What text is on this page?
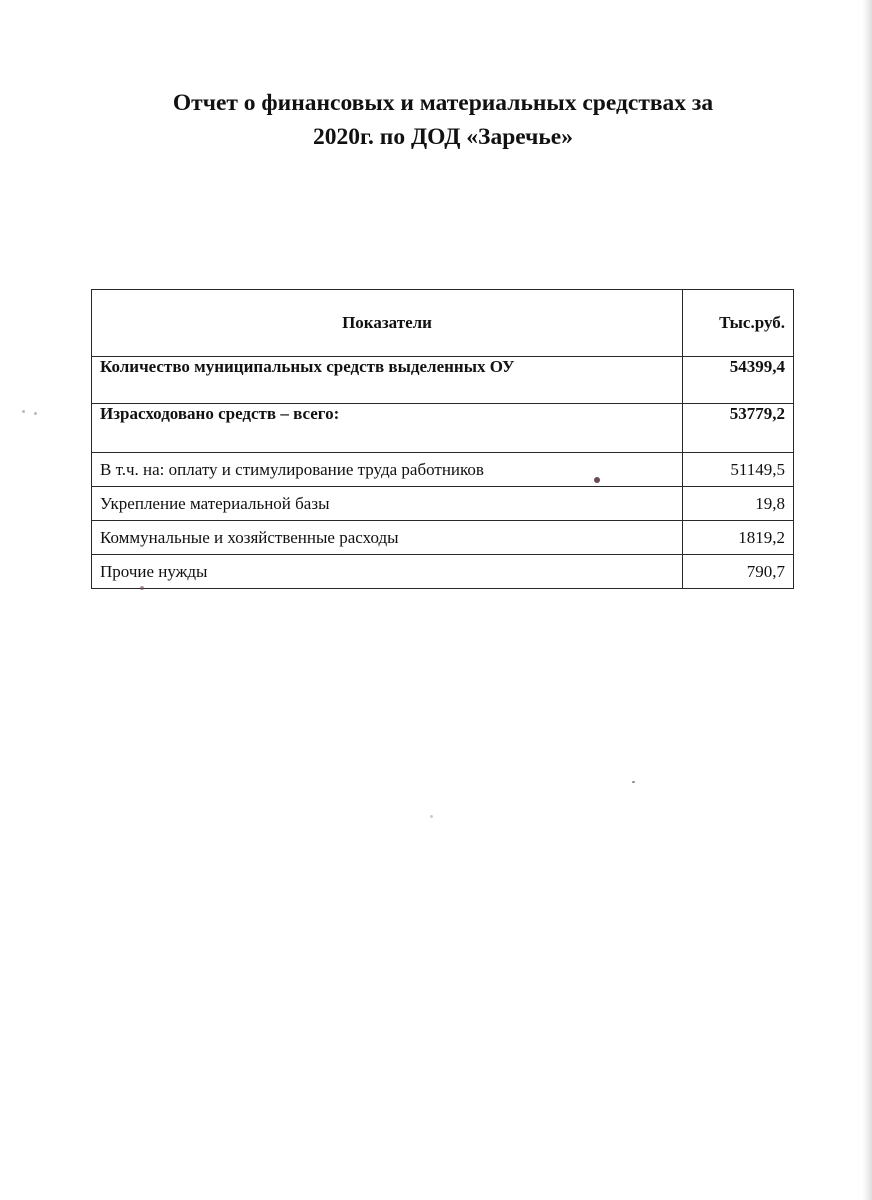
Отчет о финансовых и материальных средствах за
2020г. по ДОД «Заречье»
Показатели	Тыс.руб.
Количество муниципальных средств выделенных ОУ	54399,4
Израсходовано средств – всего:	53779,2
В т.ч. на: оплату и стимулирование труда работников	51149,5
Укрепление материальной базы	19,8
Коммунальные и хозяйственные расходы	1819,2
Прочие нужды	790,7
